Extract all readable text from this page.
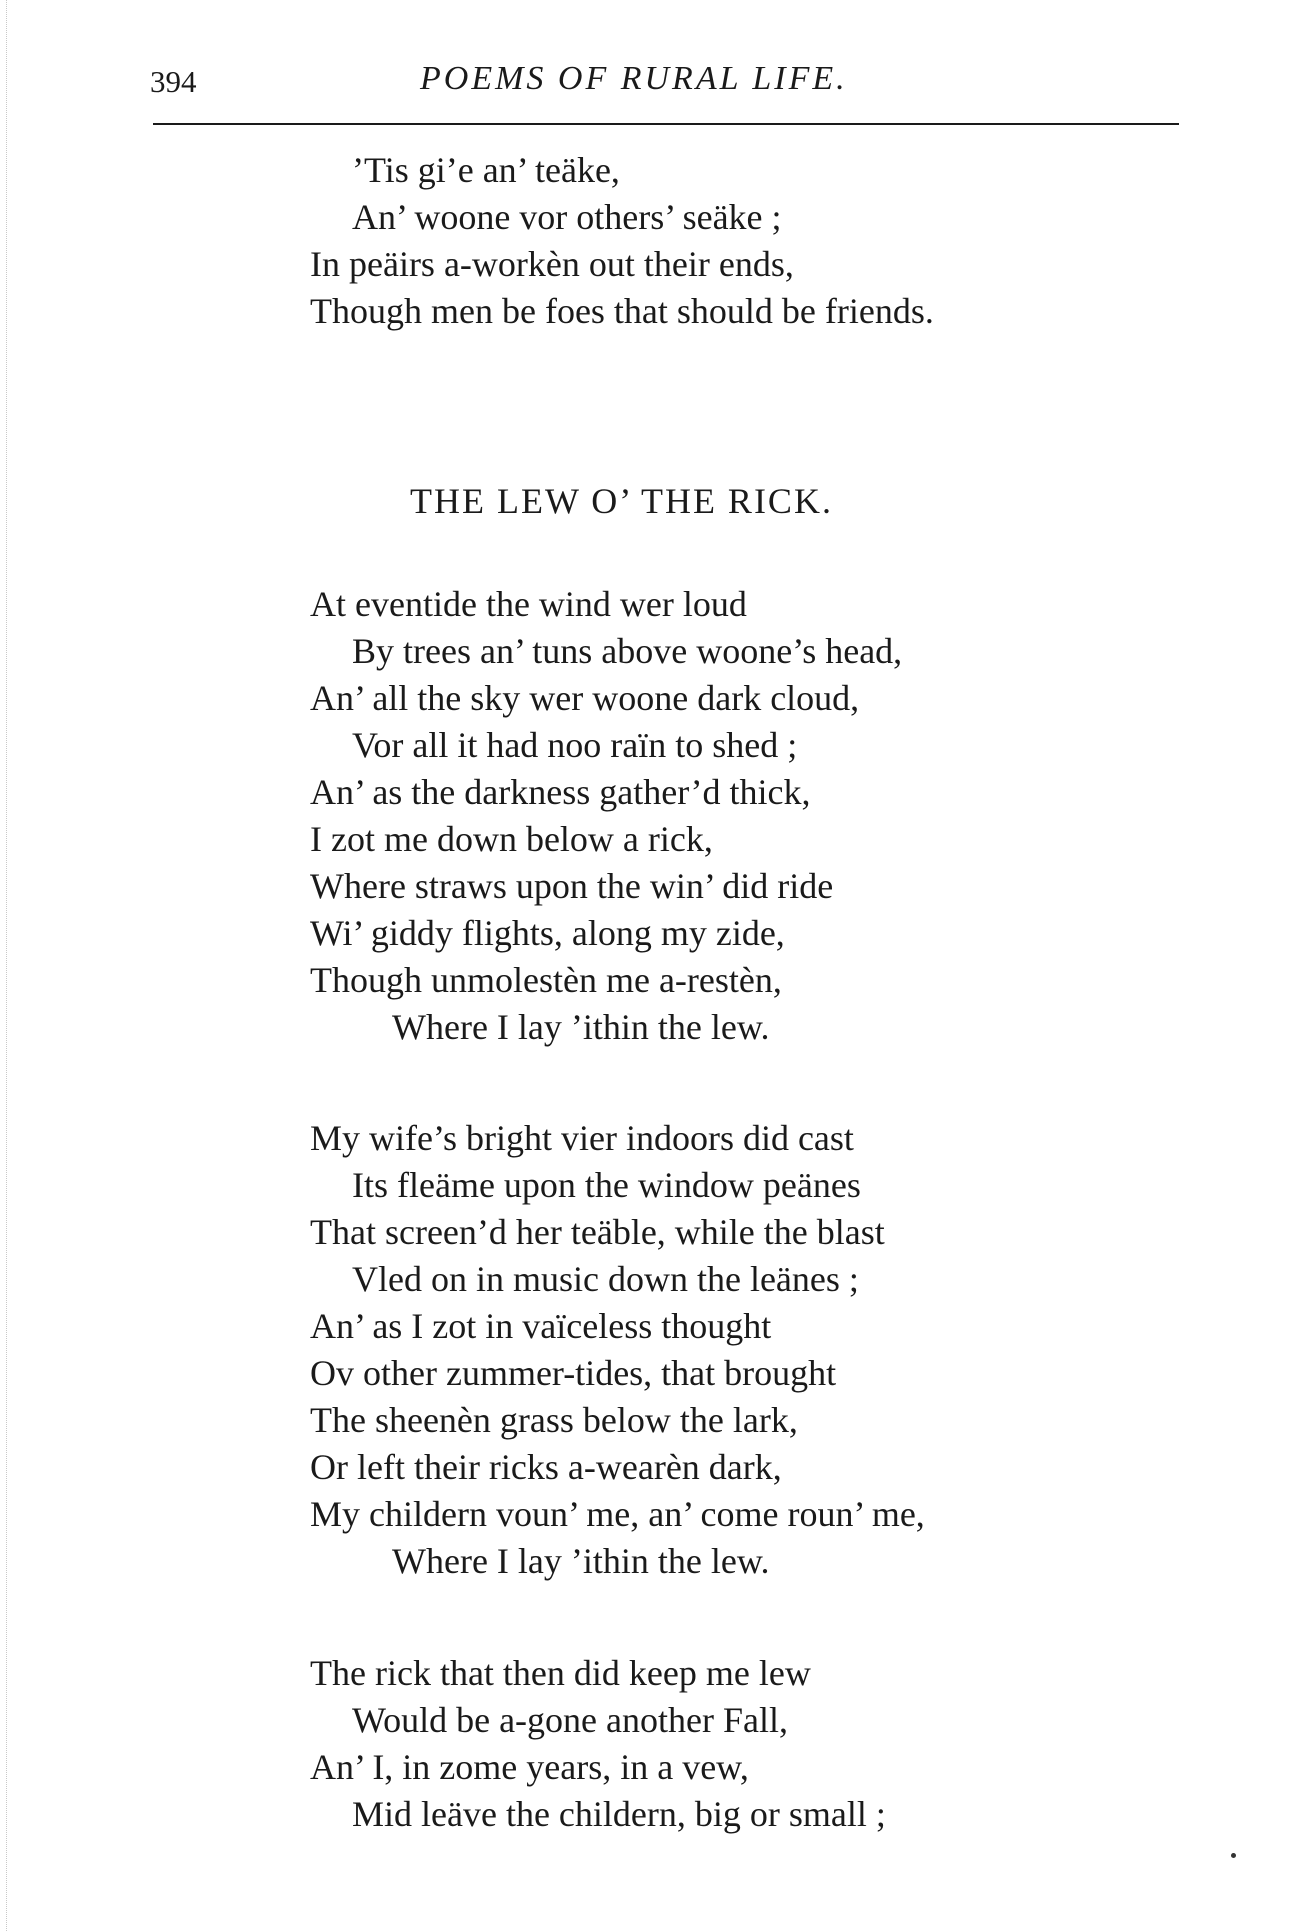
394	POEMS OF RURAL LIFE.
’Tis gi’e an’ teäke,
An’ woone vor others’ seäke ;
In peäirs a-workèn out their ends,
Though men be foes that should be friends.
THE LEW O’ THE RICK.
At eventide the wind wer loud
By trees an’ tuns above woone’s head,
An’ all the sky wer woone dark cloud,
Vor all it had noo raïn to shed ;
An’ as the darkness gather’d thick,
I zot me down below a rick,
Where straws upon the win’ did ride
Wi’ giddy flights, along my zide,
Though unmolestèn me a-restèn,
Where I lay ’ithin the lew.
My wife’s bright vier indoors did cast
Its fleäme upon the window peänes
That screen’d her teäble, while the blast
Vled on in music down the leänes ;
An’ as I zot in vaïceless thought
Ov other zummer-tides, that brought
The sheenèn grass below the lark,
Or left their ricks a-wearèn dark,
My childern voun’ me, an’ come roun’ me,
Where I lay ’ithin the lew.
The rick that then did keep me lew
Would be a-gone another Fall,
An’ I, in zome years, in a vew,
Mid leäve the childern, big or small ;
